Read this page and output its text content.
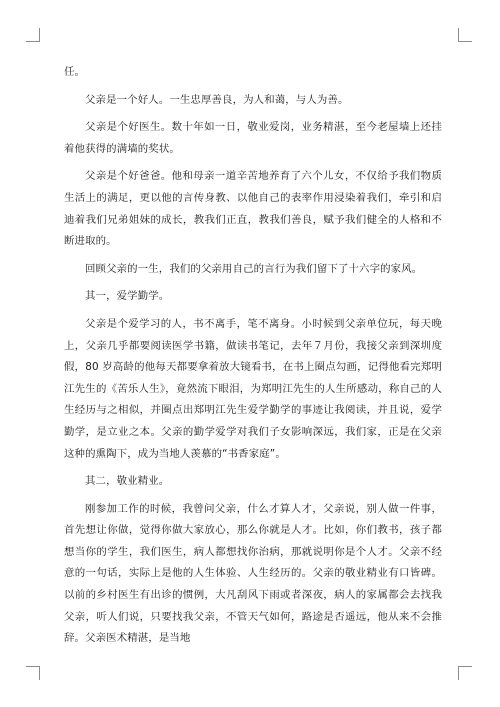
任。

父亲是一个好人。一生忠厚善良，为人和蔼，与人为善。

父亲是个好医生。数十年如一日，敬业爱岗，业务精湛，至今老屋墙上还挂着他获得的满墙的奖状。

父亲是个好爸爸。他和母亲一道辛苦地养育了六个儿女，不仅给予我们物质生活上的满足，更以他的言传身教、以他自己的表率作用浸染着我们，牵引和启迪着我们兄弟姐妹的成长，教我们正直，教我们善良，赋予我们健全的人格和不断进取的。

回顾父亲的一生，我们的父亲用自己的言行为我们留下了十六字的家风。

其一，爱学勤学。

父亲是个爱学习的人，书不离手，笔不离身。小时候到父亲单位玩，每天晚上，父亲几乎都要阅读医学书籍，做读书笔记，去年７月份，我接父亲到深圳度假，80 岁高龄的他每天都要拿着放大镜看书，在书上圈点勾画，记得他看完郑明江先生的《苦乐人生》，竟然流下眼泪，为郑明江先生的人生所感动，称自己的人生经历与之相似，并圈点出郑明江先生爱学勤学的事迹让我阅读，并且说，爱学勤学，是立业之本。父亲的勤学爱学对我们子女影响深远，我们家，正是在父亲这种的熏陶下，成为当地人羡慕的“书香家庭”。

其二，敬业精业。

刚参加工作的时候，我曾问父亲，什么才算人才，父亲说，别人做一件事，首先想让你做，觉得你做大家放心，那么你就是人才。比如，你们教书，孩子都想当你的学生，我们医生，病人都想找你治病，那就说明你是个人才。父亲不经意的一句话，实际上是他的人生体验、人生经历的。父亲的敬业精业有口皆碑。以前的乡村医生有出诊的惯例，大凡刮风下雨或者深夜，病人的家属都会去找我父亲，听人们说，只要找我父亲，不管天气如何，路途是否遥远，他从来不会推辞。父亲医术精湛，是当地
